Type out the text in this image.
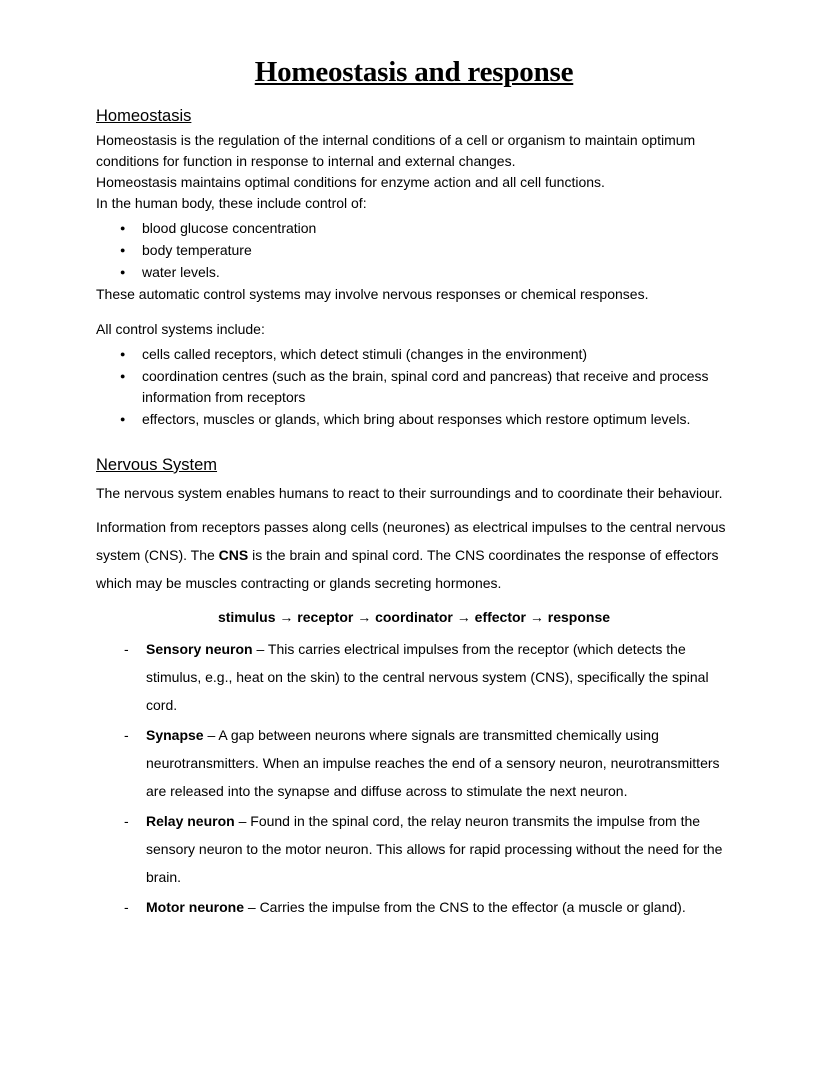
Homeostasis and response
Homeostasis

Homeostasis is the regulation of the internal conditions of a cell or organism to maintain optimum conditions for function in response to internal and external changes.

Homeostasis maintains optimal conditions for enzyme action and all cell functions.

In the human body, these include control of:

● blood glucose concentration
● body temperature
● water levels.

These automatic control systems may involve nervous responses or chemical responses.

All control systems include:

● cells called receptors, which detect stimuli (changes in the environment)
● coordination centres (such as the brain, spinal cord and pancreas) that receive and process information from receptors
● effectors, muscles or glands, which bring about responses which restore optimum levels.
Nervous System

The nervous system enables humans to react to their surroundings and to coordinate their behaviour.

Information from receptors passes along cells (neurones) as electrical impulses to the central nervous system (CNS). The CNS is the brain and spinal cord. The CNS coordinates the response of effectors which may be muscles contracting or glands secreting hormones.

stimulus → receptor → coordinator → effector → response

- Sensory neuron – This carries electrical impulses from the receptor (which detects the stimulus, e.g., heat on the skin) to the central nervous system (CNS), specifically the spinal cord.
- Synapse – A gap between neurons where signals are transmitted chemically using neurotransmitters. When an impulse reaches the end of a sensory neuron, neurotransmitters are released into the synapse and diffuse across to stimulate the next neuron.
- Relay neuron – Found in the spinal cord, the relay neuron transmits the impulse from the sensory neuron to the motor neuron. This allows for rapid processing without the need for the brain.
- Motor neurone – Carries the impulse from the CNS to the effector (a muscle or gland).
